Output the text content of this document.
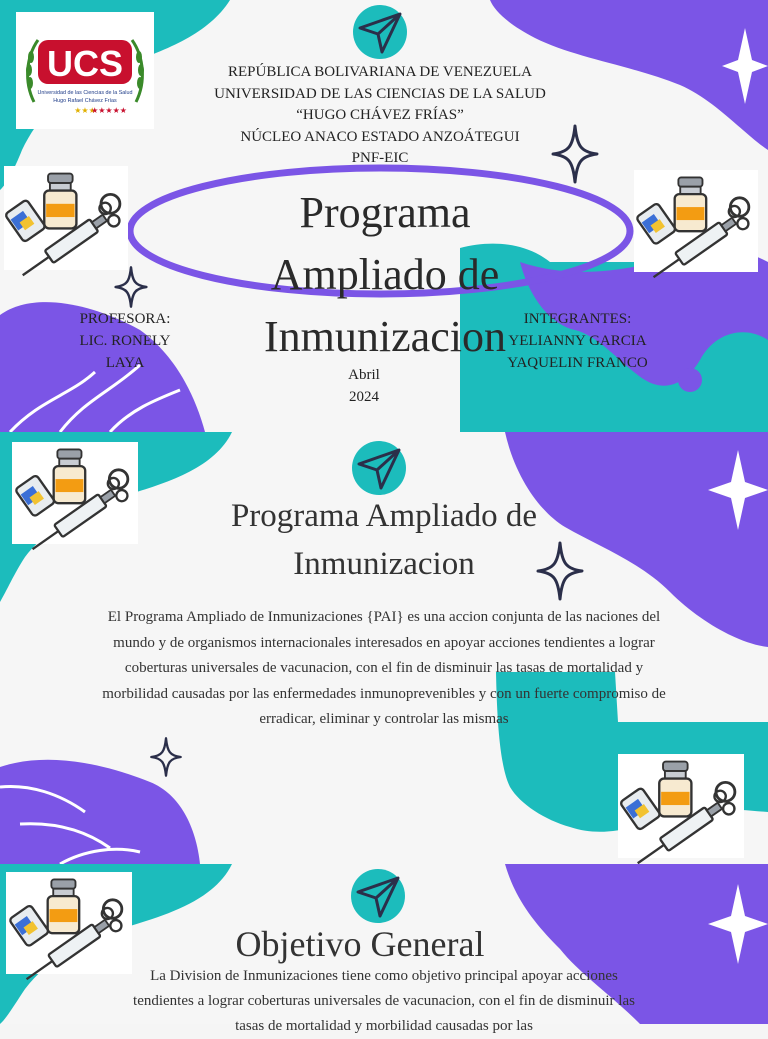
UCS
Universidad de las Ciencias de la Salud
Hugo Rafael Chávez Frías
★★★
★★★★★
REPÚBLICA BOLIVARIANA DE VENEZUELA
UNIVERSIDAD DE LAS CIENCIAS DE LA SALUD
“HUGO CHÁVEZ FRÍAS”
NÚCLEO ANACO ESTADO ANZOÁTEGUI
PNF-EIC
Programa Ampliado de Inmunizacion
PROFESORA:
LIC. RONELY LAYA
INTEGRANTES:
YELIANNY GARCIA
YAQUELIN FRANCO
Abril
2024
Programa Ampliado de Inmunizacion
El Programa Ampliado de Inmunizaciones {PAI} es una accion conjunta de las naciones del mundo y de organismos internacionales interesados en apoyar acciones tendientes a lograr coberturas universales de vacunacion, con el fin de disminuir las tasas de mortalidad y morbilidad causadas por las enfermedades inmunoprevenibles y con un fuerte compromiso de erradicar, eliminar y controlar las mismas
Objetivo General
La Division de Inmunizaciones tiene como objetivo principal apoyar acciones tendientes a lograr coberturas universales de vacunacion, con el fin de disminuir las tasas de mortalidad y morbilidad causadas por las
